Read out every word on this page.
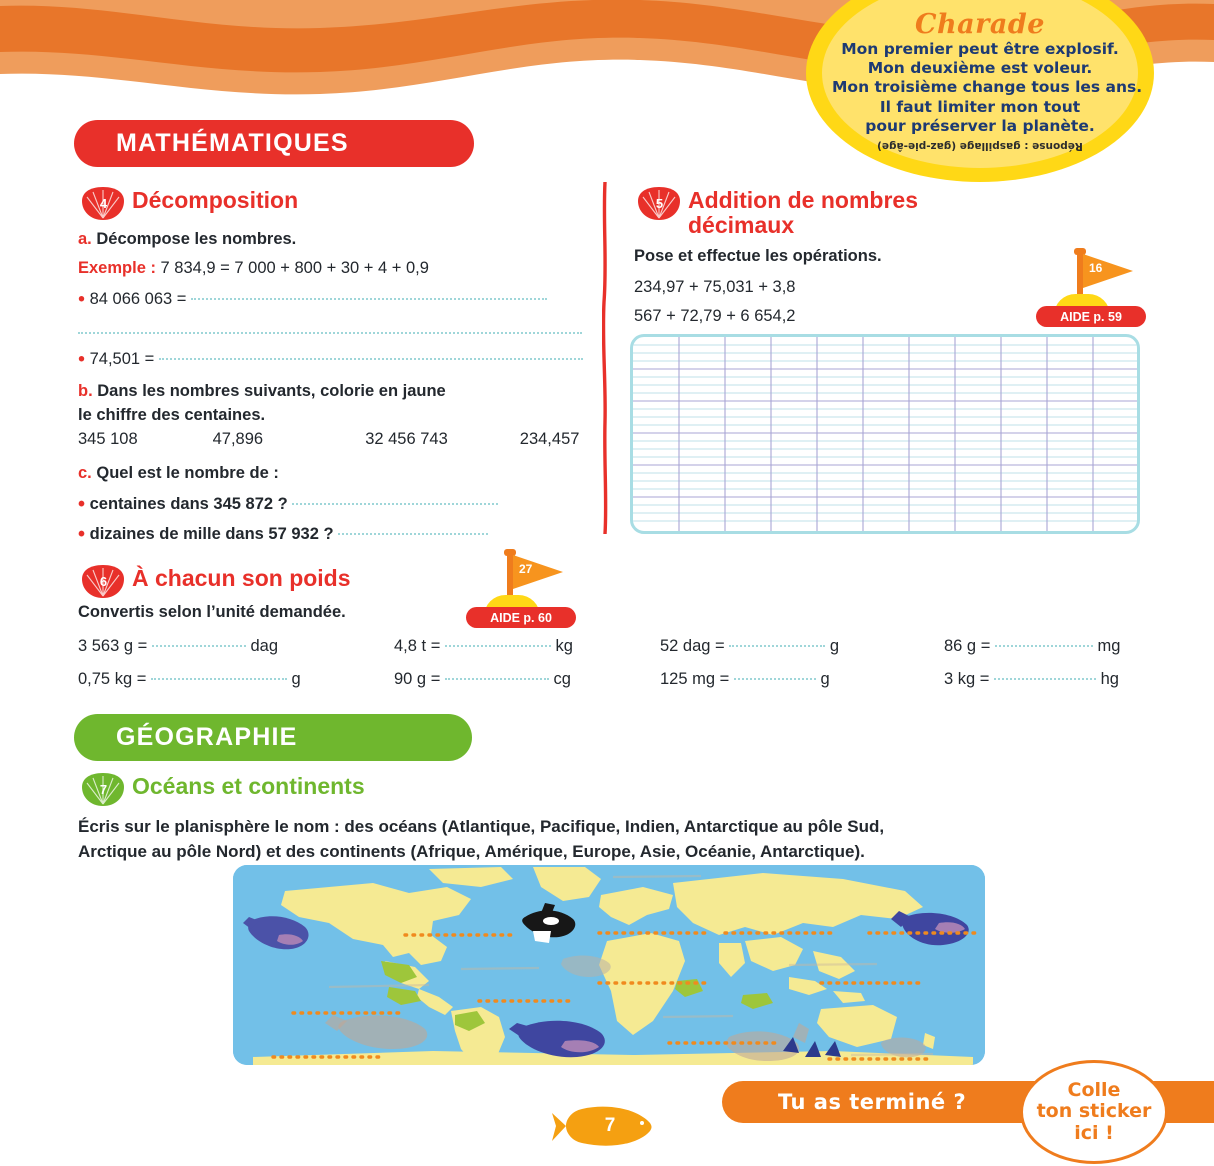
Charade
Mon premier peut être explosif.
Mon deuxième est voleur.
Mon troisième change tous les ans.
Il faut limiter mon tout
pour préserver la planète.
Réponse : gaspillage (gaz-pie-âge)
MATHÉMATIQUES
4	Décomposition
a. Décompose les nombres.
Exemple : 7 834,9 = 7 000 + 800 + 30 + 4 + 0,9
• 84 066 063 =
• 74,501 =
b. Dans les nombres suivants, colorie en jaune
le chiffre des centaines.
345 108	47,896	32 456 743	234,457
c. Quel est le nombre de :
• centaines dans 345 872 ?
• dizaines de mille dans 57 932 ?
5	Addition de nombres
décimaux
Pose et effectue les opérations.
234,97 + 75,031 + 3,8
567 + 72,79 + 6 654,2
16
AIDE p. 59
6	À chacun son poids
Convertis selon l’unité demandée.
27
AIDE p. 60
3 563 g =	dag	4,8 t =	kg	52 dag =	g	86 g =	mg
0,75 kg =	g	90 g =	cg	125 mg =	g	3 kg =	hg
GÉOGRAPHIE
7	Océans et continents
Écris sur le planisphère le nom : des océans (Atlantique, Pacifique, Indien, Antarctique au pôle Sud,
Arctique au pôle Nord) et des continents (Afrique, Amérique, Europe, Asie, Océanie, Antarctique).
Tu as terminé ?	Colle
ton sticker
ici !
7
